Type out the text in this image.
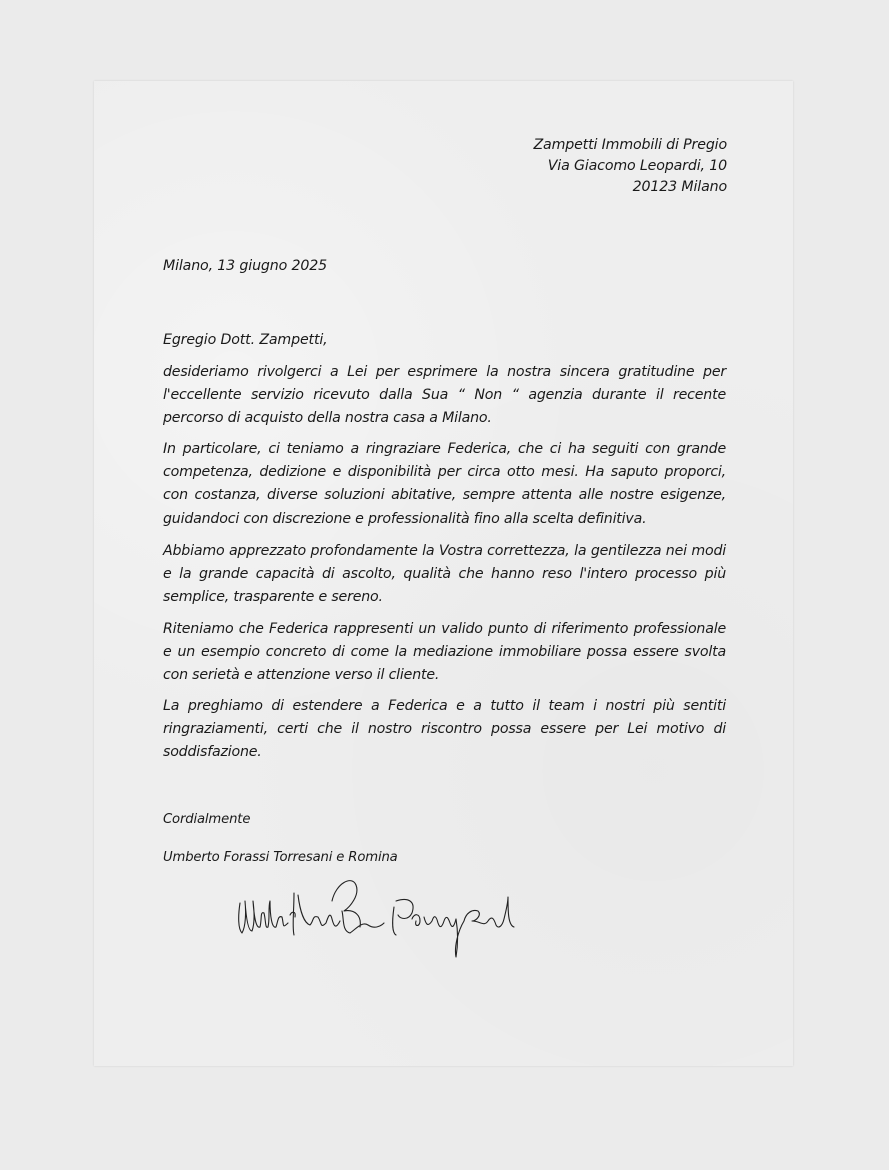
Zampetti Immobili di Pregio
Via Giacomo Leopardi, 10
20123 Milano
Milano, 13 giugno 2025
Egregio Dott. Zampetti,

desideriamo rivolgerci a Lei per esprimere la nostra sincera gratitudine per l'eccellente servizio ricevuto dalla Sua “ Non “ agenzia durante il recente percorso di acquisto della nostra casa a Milano.

In particolare, ci teniamo a ringraziare Federica, che ci ha seguiti con grande competenza, dedizione e disponibilità per circa otto mesi. Ha saputo proporci, con costanza, diverse soluzioni abitative, sempre attenta alle nostre esigenze, guidandoci con discrezione e professionalità fino alla scelta definitiva.

Abbiamo apprezzato profondamente la Vostra correttezza, la gentilezza nei modi e la grande capacità di ascolto, qualità che hanno reso l'intero processo più semplice, trasparente e sereno.

Riteniamo che Federica rappresenti un valido punto di riferimento professionale e un esempio concreto di come la mediazione immobiliare possa essere svolta con serietà e attenzione verso il cliente.

La preghiamo di estendere a Federica e a tutto il team i nostri più sentiti ringraziamenti, certi che il nostro riscontro possa essere per Lei motivo di soddisfazione.

Cordialmente
Umberto Forassi Torresani e Romina
